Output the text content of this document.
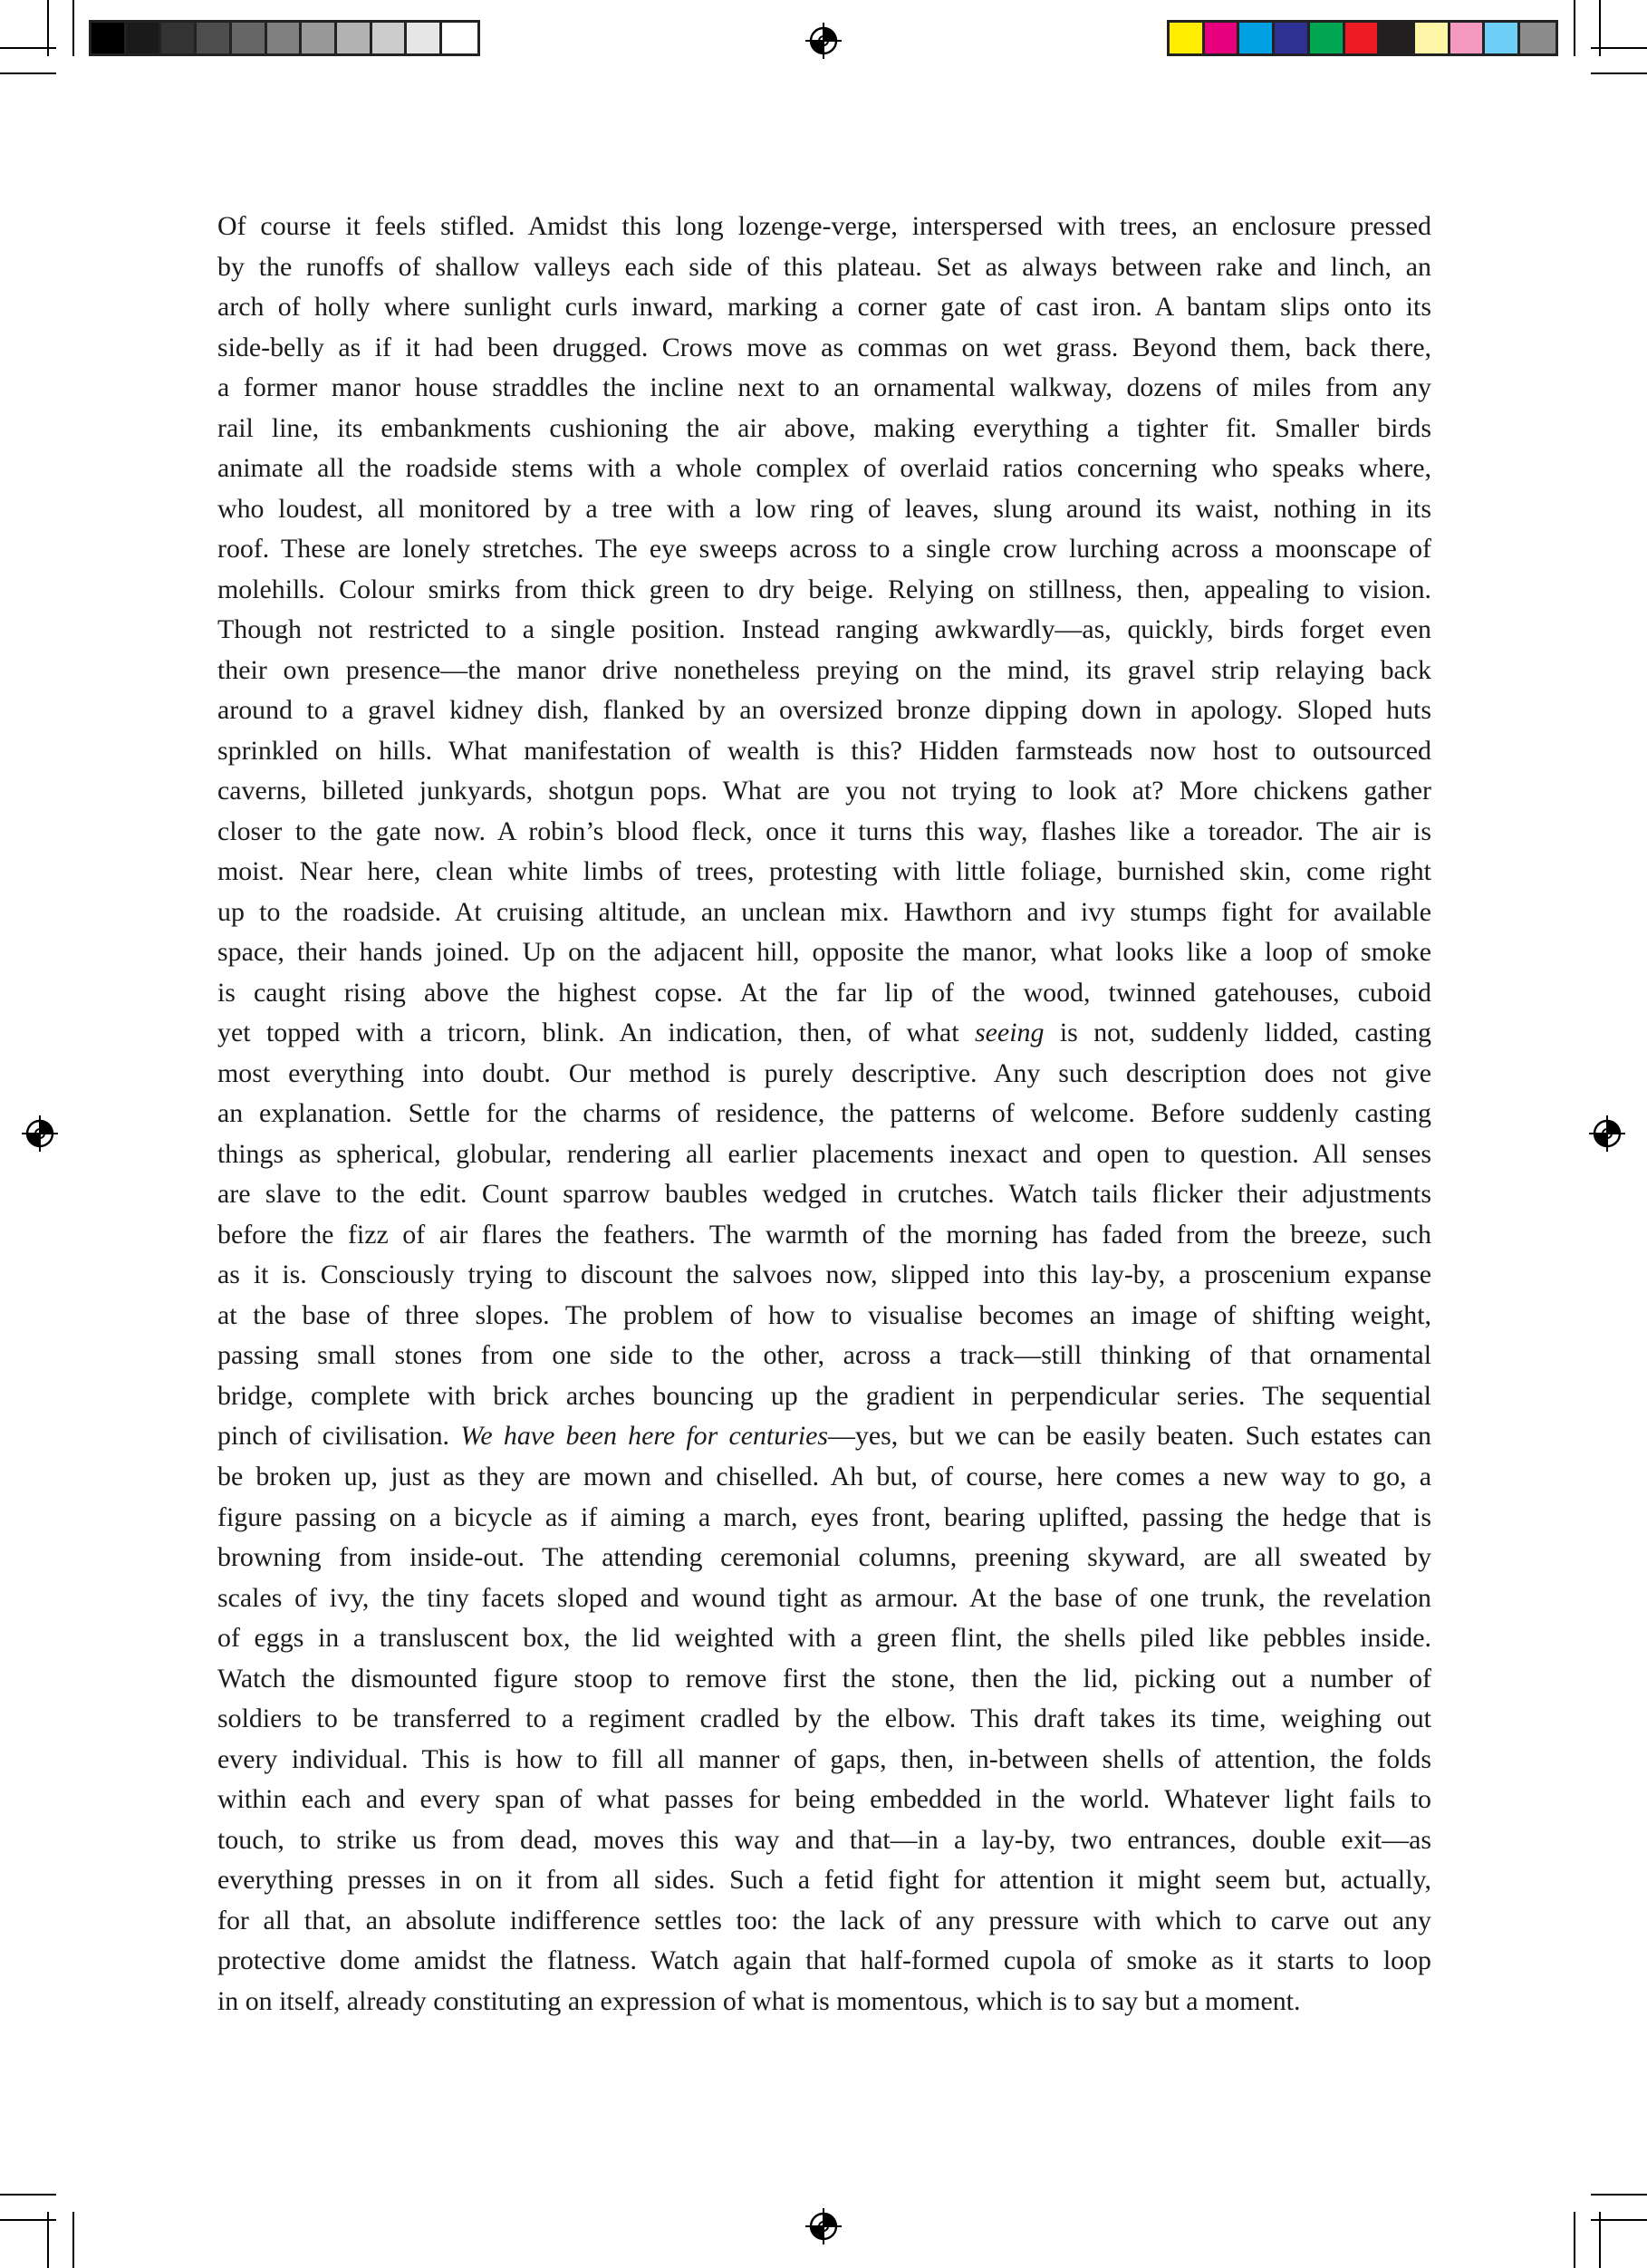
Of course it feels stifled. Amidst this long lozenge-verge, interspersed with trees, an enclosure pressed
by the runoffs of shallow valleys each side of this plateau. Set as always between rake and linch, an
arch of holly where sunlight curls inward, marking a corner gate of cast iron. A bantam slips onto its
side-belly as if it had been drugged. Crows move as commas on wet grass. Beyond them, back there,
a former manor house straddles the incline next to an ornamental walkway, dozens of miles from any
rail line, its embankments cushioning the air above, making everything a tighter fit. Smaller birds
animate all the roadside stems with a whole complex of overlaid ratios concerning who speaks where,
who loudest, all monitored by a tree with a low ring of leaves, slung around its waist, nothing in its
roof. These are lonely stretches. The eye sweeps across to a single crow lurching across a moonscape of
molehills. Colour smirks from thick green to dry beige. Relying on stillness, then, appealing to vision.
Though not restricted to a single position. Instead ranging awkwardly—as, quickly, birds forget even
their own presence—the manor drive nonetheless preying on the mind, its gravel strip relaying back
around to a gravel kidney dish, flanked by an oversized bronze dipping down in apology. Sloped huts
sprinkled on hills. What manifestation of wealth is this? Hidden farmsteads now host to outsourced
caverns, billeted junkyards, shotgun pops. What are you not trying to look at? More chickens gather
closer to the gate now. A robin’s blood fleck, once it turns this way, flashes like a toreador. The air is
moist. Near here, clean white limbs of trees, protesting with little foliage, burnished skin, come right
up to the roadside. At cruising altitude, an unclean mix. Hawthorn and ivy stumps fight for available
space, their hands joined. Up on the adjacent hill, opposite the manor, what looks like a loop of smoke
is caught rising above the highest copse. At the far lip of the wood, twinned gatehouses, cuboid
yet topped with a tricorn, blink. An indication, then, of what seeing is not, suddenly lidded, casting
most everything into doubt. Our method is purely descriptive. Any such description does not give
an explanation. Settle for the charms of residence, the patterns of welcome. Before suddenly casting
things as spherical, globular, rendering all earlier placements inexact and open to question. All senses
are slave to the edit. Count sparrow baubles wedged in crutches. Watch tails flicker their adjustments
before the fizz of air flares the feathers. The warmth of the morning has faded from the breeze, such
as it is. Consciously trying to discount the salvoes now, slipped into this lay-by, a proscenium expanse
at the base of three slopes. The problem of how to visualise becomes an image of shifting weight,
passing small stones from one side to the other, across a track—still thinking of that ornamental
bridge, complete with brick arches bouncing up the gradient in perpendicular series. The sequential
pinch of civilisation. We have been here for centuries—yes, but we can be easily beaten. Such estates can
be broken up, just as they are mown and chiselled. Ah but, of course, here comes a new way to go, a
figure passing on a bicycle as if aiming a march, eyes front, bearing uplifted, passing the hedge that is
browning from inside-out. The attending ceremonial columns, preening skyward, are all sweated by
scales of ivy, the tiny facets sloped and wound tight as armour. At the base of one trunk, the revelation
of eggs in a transluscent box, the lid weighted with a green flint, the shells piled like pebbles inside.
Watch the dismounted figure stoop to remove first the stone, then the lid, picking out a number of
soldiers to be transferred to a regiment cradled by the elbow. This draft takes its time, weighing out
every individual. This is how to fill all manner of gaps, then, in-between shells of attention, the folds
within each and every span of what passes for being embedded in the world. Whatever light fails to
touch, to strike us from dead, moves this way and that—in a lay-by, two entrances, double exit—as
everything presses in on it from all sides. Such a fetid fight for attention it might seem but, actually,
for all that, an absolute indifference settles too: the lack of any pressure with which to carve out any
protective dome amidst the flatness. Watch again that half-formed cupola of smoke as it starts to loop
in on itself, already constituting an expression of what is momentous, which is to say but a moment.
